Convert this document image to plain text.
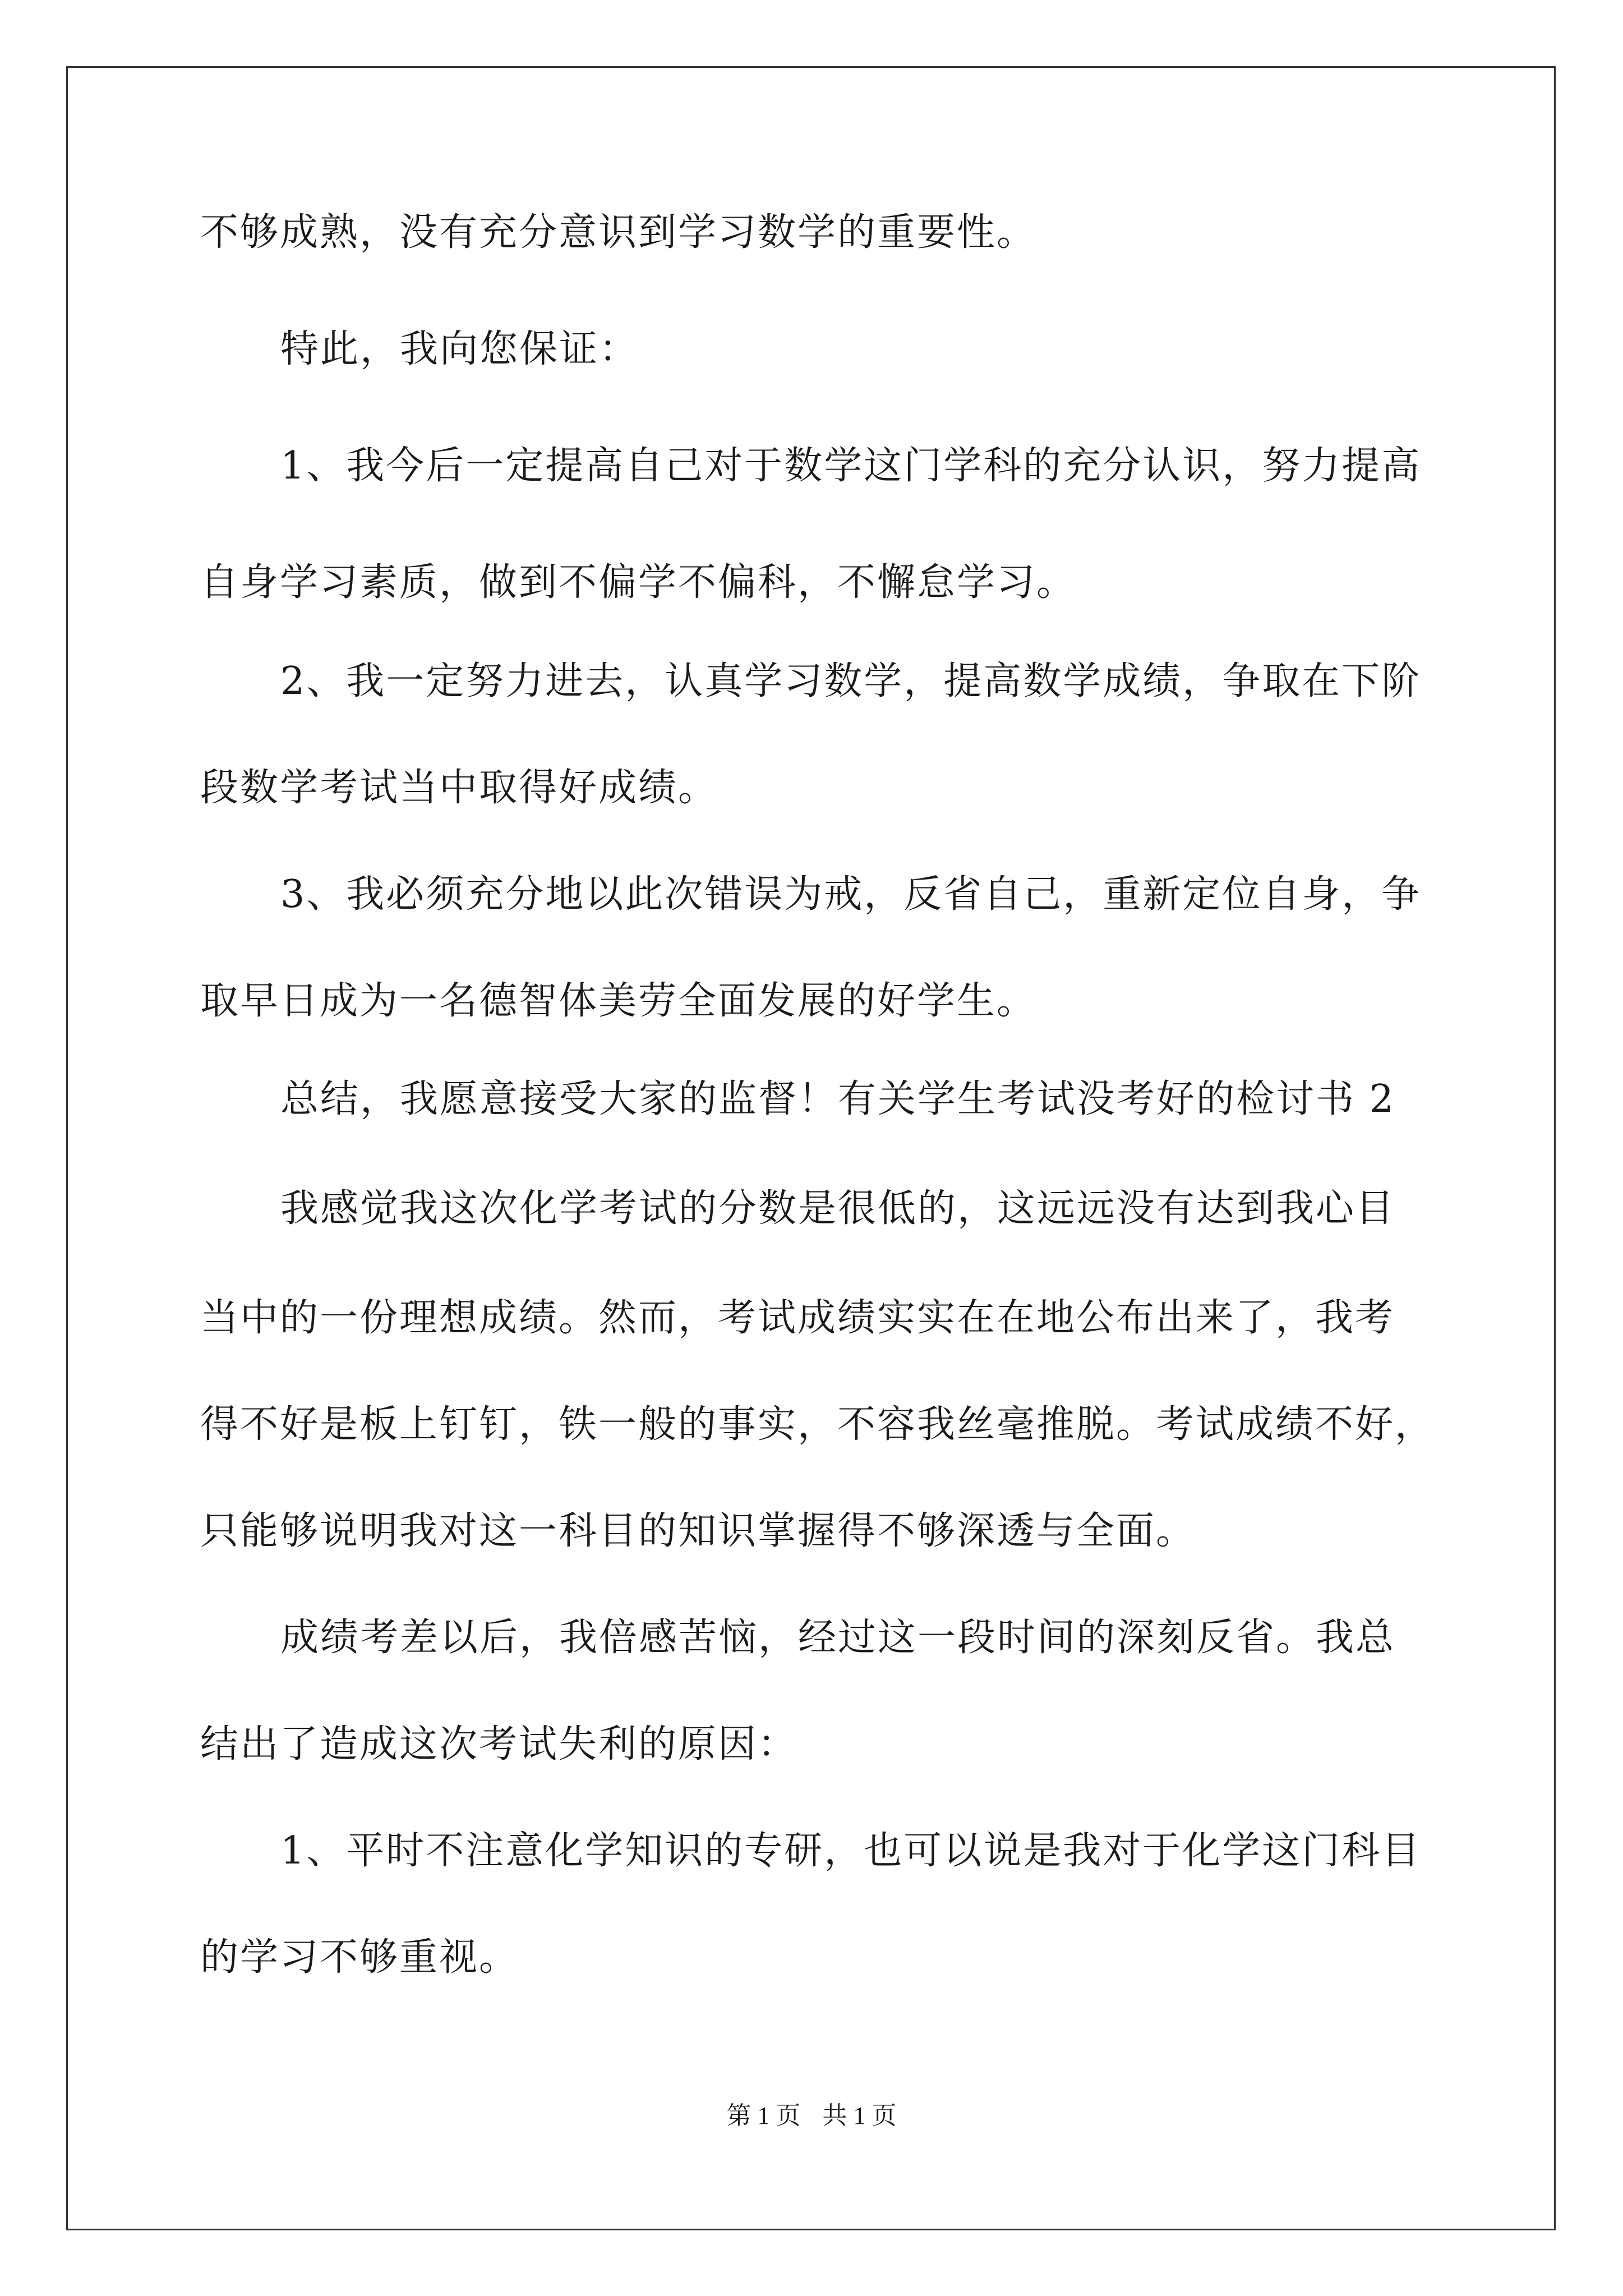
不够成熟，没有充分意识到学习数学的重要性。
特此，我向您保证：
1、我今后一定提高自己对于数学这门学科的充分认识，努力提高
自身学习素质，做到不偏学不偏科，不懈怠学习。
2、我一定努力进去，认真学习数学，提高数学成绩，争取在下阶
段数学考试当中取得好成绩。
3、我必须充分地以此次错误为戒，反省自己，重新定位自身，争
取早日成为一名德智体美劳全面发展的好学生。
总结，我愿意接受大家的监督！有关学生考试没考好的检讨书 2
我感觉我这次化学考试的分数是很低的，这远远没有达到我心目
当中的一份理想成绩。然而，考试成绩实实在在地公布出来了，我考
得不好是板上钉钉，铁一般的事实，不容我丝毫推脱。考试成绩不好，
只能够说明我对这一科目的知识掌握得不够深透与全面。
成绩考差以后，我倍感苦恼，经过这一段时间的深刻反省。我总
结出了造成这次考试失利的原因：
1、平时不注意化学知识的专研，也可以说是我对于化学这门科目
的学习不够重视。
第 1 页 共 1 页
